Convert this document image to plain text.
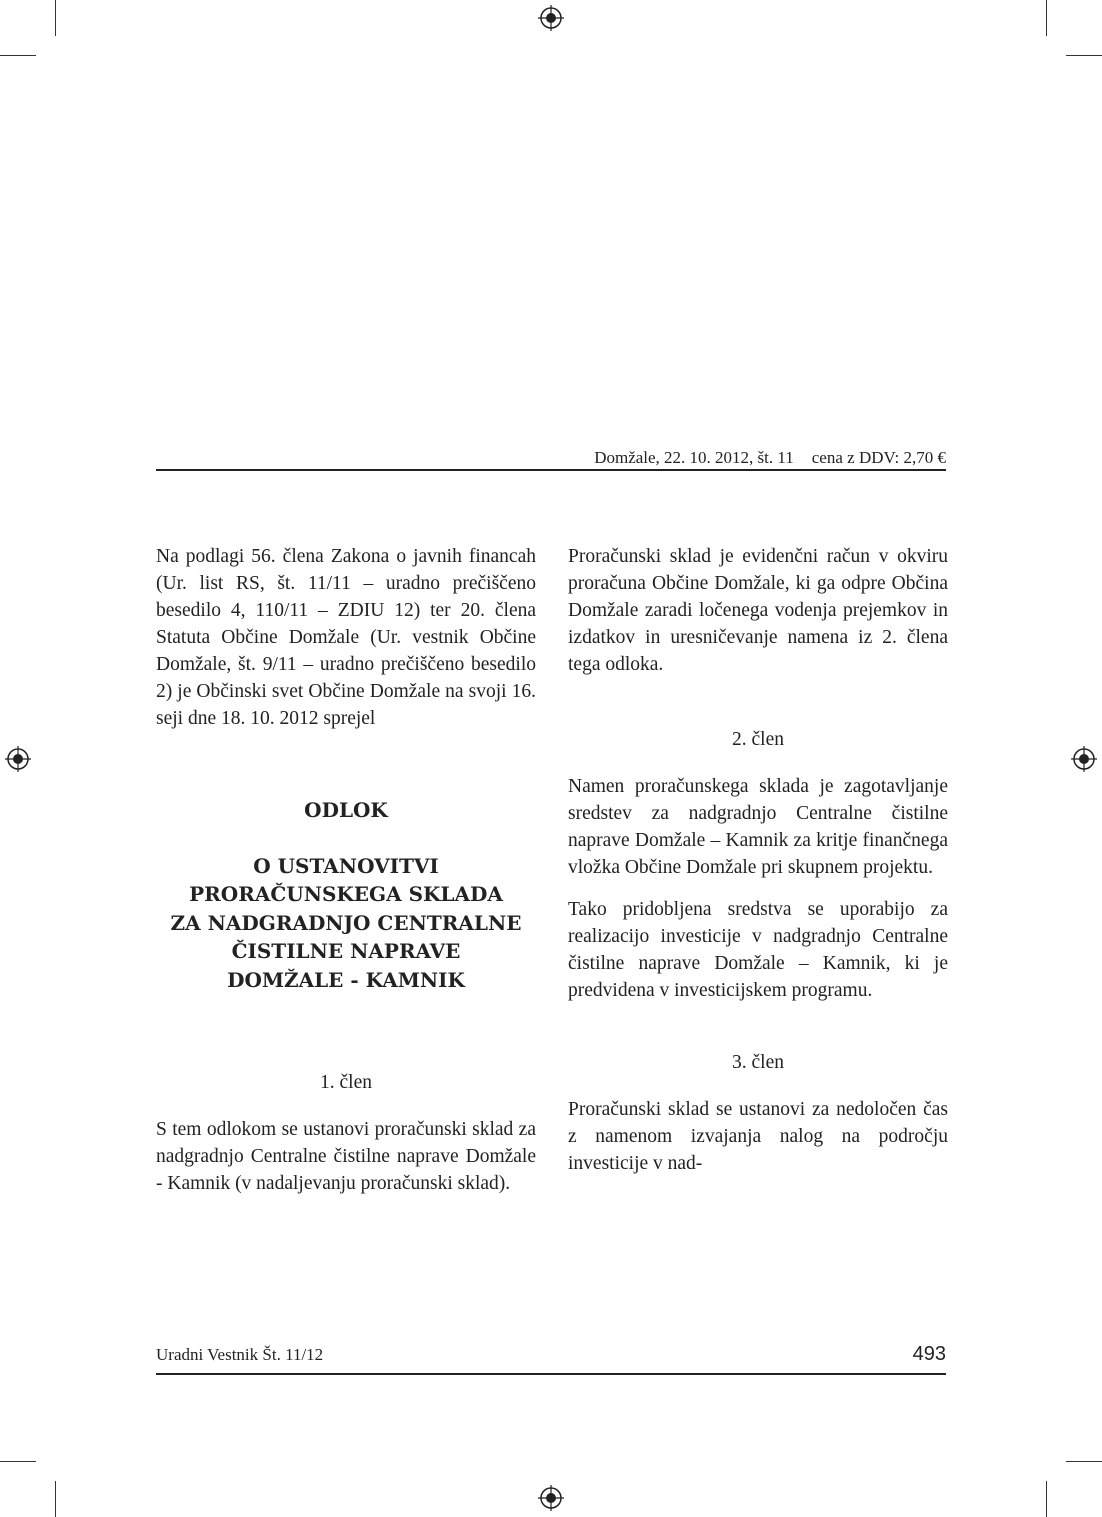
Domžale, 22. 10. 2012, št. 11 cena z DDV: 2,70 €

Na podlagi 56. člena Zakona o javnih financah (Ur. list RS, št. 11/11 – uradno prečiščeno besedilo 4, 110/11 – ZDIU 12) ter 20. člena Statuta Občine Domžale (Ur. vestnik Občine Domžale, št. 9/11 – uradno prečiščeno besedilo 2) je Občinski svet Občine Domžale na svoji 16. seji dne 18. 10. 2012 sprejel

ODLOK
O USTANOVITVI
PRORAČUNSKEGA SKLADA
ZA NADGRADNJO CENTRALNE
ČISTILNE NAPRAVE
DOMŽALE - KAMNIK

1. člen

S tem odlokom se ustanovi proračunski sklad za nadgradnjo Centralne čistilne naprave Domžale - Kamnik (v nadaljevanju proračunski sklad).

Proračunski sklad je evidenčni račun v okviru proračuna Občine Domžale, ki ga odpre Občina Domžale zaradi ločenega vodenja prejemkov in izdatkov in uresničevanje namena iz 2. člena tega odloka.

2. člen

Namen proračunskega sklada je zagotavljanje sredstev za nadgradnjo Centralne čistilne naprave Domžale – Kamnik za kritje finančnega vložka Občine Domžale pri skupnem projektu.

Tako pridobljena sredstva se uporabijo za realizacijo investicije v nadgradnjo Centralne čistilne naprave Domžale – Kamnik, ki je predvidena v investicijskem programu.

3. člen

Proračunski sklad se ustanovi za nedoločen čas z namenom izvajanja nalog na področju investicije v nad-

Uradni Vestnik Št. 11/12	493
